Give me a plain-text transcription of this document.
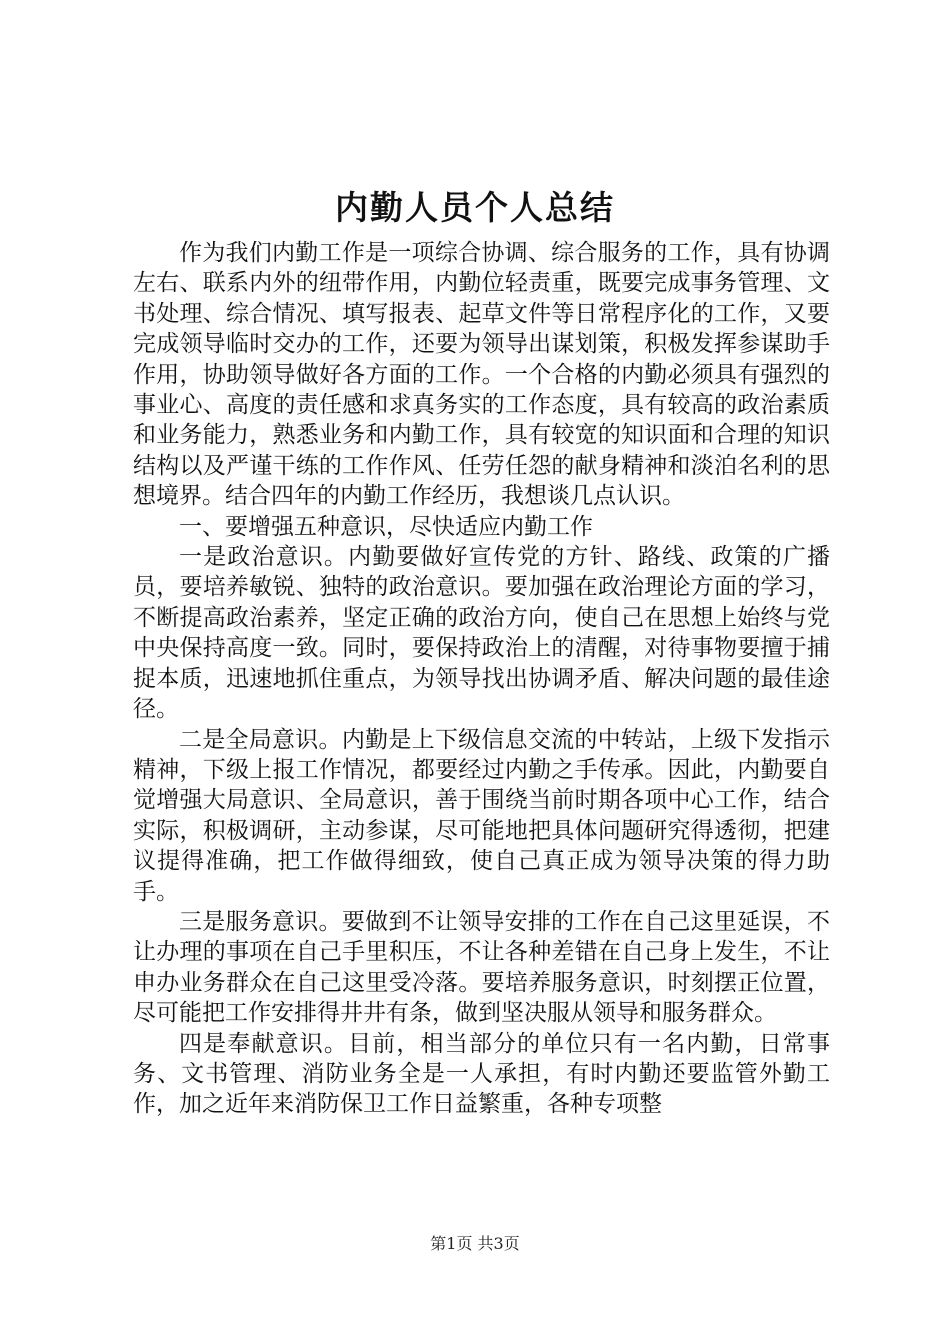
内勤人员个人总结

作为我们内勤工作是一项综合协调、综合服务的工作，具有协调左右、联系内外的纽带作用，内勤位轻责重，既要完成事务管理、文书处理、综合情况、填写报表、起草文件等日常程序化的工作，又要完成领导临时交办的工作，还要为领导出谋划策，积极发挥参谋助手作用，协助领导做好各方面的工作。一个合格的内勤必须具有强烈的事业心、高度的责任感和求真务实的工作态度，具有较高的政治素质和业务能力，熟悉业务和内勤工作，具有较宽的知识面和合理的知识结构以及严谨干练的工作作风、任劳任怨的献身精神和淡泊名利的思想境界。结合四年的内勤工作经历，我想谈几点认识。

一、要增强五种意识，尽快适应内勤工作

一是政治意识。内勤要做好宣传党的方针、路线、政策的广播员，要培养敏锐、独特的政治意识。要加强在政治理论方面的学习，不断提高政治素养，坚定正确的政治方向，使自己在思想上始终与党中央保持高度一致。同时，要保持政治上的清醒，对待事物要擅于捕捉本质，迅速地抓住重点，为领导找出协调矛盾、解决问题的最佳途径。

二是全局意识。内勤是上下级信息交流的中转站，上级下发指示精神，下级上报工作情况，都要经过内勤之手传承。因此，内勤要自觉增强大局意识、全局意识，善于围绕当前时期各项中心工作，结合实际，积极调研，主动参谋，尽可能地把具体问题研究得透彻，把建议提得准确，把工作做得细致，使自己真正成为领导决策的得力助手。

三是服务意识。要做到不让领导安排的工作在自己这里延误，不让办理的事项在自己手里积压，不让各种差错在自己身上发生，不让申办业务群众在自己这里受冷落。要培养服务意识，时刻摆正位置，尽可能把工作安排得井井有条，做到坚决服从领导和服务群众。

四是奉献意识。目前，相当部分的单位只有一名内勤，日常事务、文书管理、消防业务全是一人承担，有时内勤还要监管外勤工作，加之近年来消防保卫工作日益繁重，各种专项整

第1页 共3页
